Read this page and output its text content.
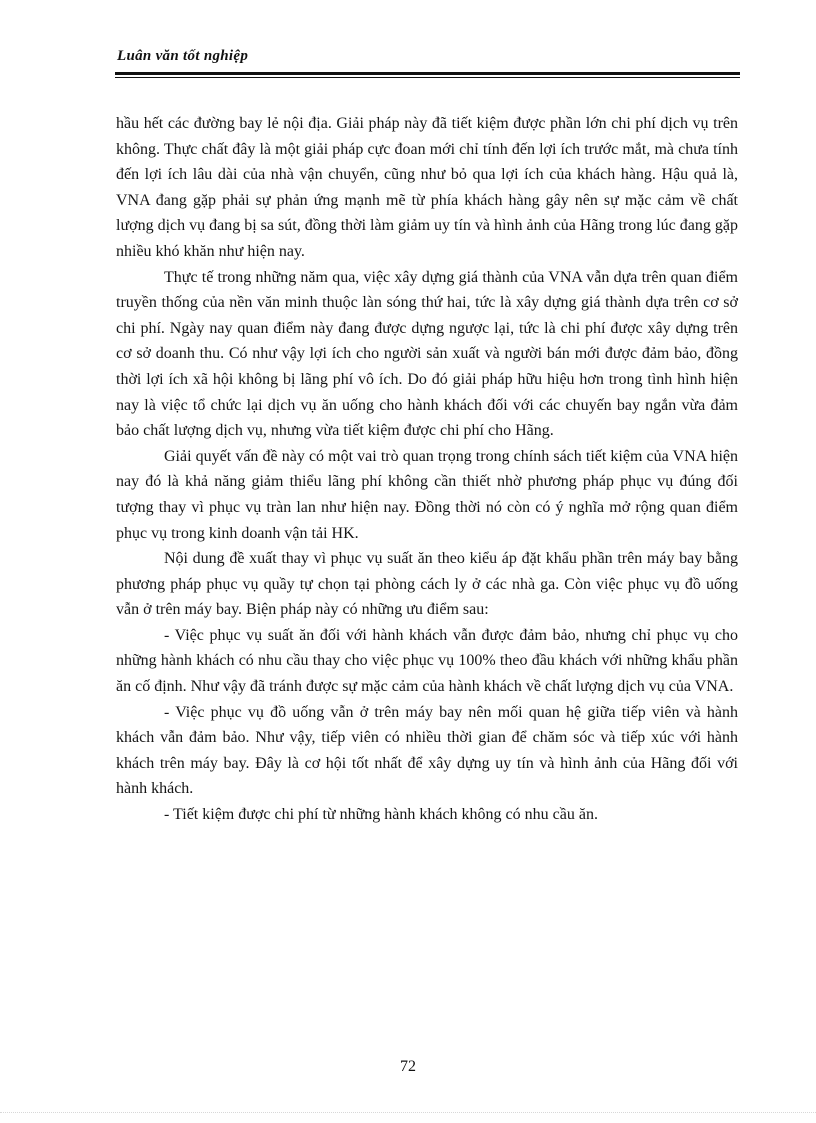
Luân văn tốt nghiệp

hầu hết các đường bay lẻ nội địa. Giải pháp này đã tiết kiệm được phần lớn chi phí dịch vụ trên không. Thực chất đây là một giải pháp cực đoan mới chỉ tính đến lợi ích trước mắt, mà chưa tính đến lợi ích lâu dài của nhà vận chuyển, cũng như bỏ qua lợi ích của khách hàng. Hậu quả là, VNA đang gặp phải sự phản ứng mạnh mẽ từ phía khách hàng gây nên sự mặc cảm về chất lượng dịch vụ đang bị sa sút, đồng thời làm giảm uy tín và hình ảnh của Hãng trong lúc đang gặp nhiều khó khăn như hiện nay.

Thực tế trong những năm qua, việc xây dựng giá thành của VNA vẫn dựa trên quan điểm truyền thống của nền văn minh thuộc làn sóng thứ hai, tức là xây dựng giá thành dựa trên cơ sở chi phí. Ngày nay quan điểm này đang được dựng ngược lại, tức là chi phí được xây dựng trên cơ sở doanh thu. Có như vậy lợi ích cho người sản xuất và người bán mới được đảm bảo, đồng thời lợi ích xã hội không bị lãng phí vô ích. Do đó giải pháp hữu hiệu hơn trong tình hình hiện nay là việc tổ chức lại dịch vụ ăn uống cho hành khách đối với các chuyến bay ngắn vừa đảm bảo chất lượng dịch vụ, nhưng vừa tiết kiệm được chi phí cho Hãng.

Giải quyết vấn đề này có một vai trò quan trọng trong chính sách tiết kiệm của VNA hiện nay đó là khả năng giảm thiểu lãng phí không cần thiết nhờ phương pháp phục vụ đúng đối tượng thay vì phục vụ tràn lan như hiện nay. Đồng thời nó còn có ý nghĩa mở rộng quan điểm phục vụ trong kinh doanh vận tải HK.

Nội dung đề xuất thay vì phục vụ suất ăn theo kiểu áp đặt khẩu phần trên máy bay bằng phương pháp phục vụ quầy tự chọn tại phòng cách ly ở các nhà ga. Còn việc phục vụ đồ uống vẫn ở trên máy bay. Biện pháp này có những ưu điểm sau:

- Việc phục vụ suất ăn đối với hành khách vẫn được đảm bảo, nhưng chỉ phục vụ cho những hành khách có nhu cầu thay cho việc phục vụ 100% theo đầu khách với những khẩu phần ăn cố định. Như vậy đã tránh được sự mặc cảm của hành khách về chất lượng dịch vụ của VNA.

- Việc phục vụ đồ uống vẫn ở trên máy bay nên mối quan hệ giữa tiếp viên và hành khách vẫn đảm bảo. Như vậy, tiếp viên có nhiều thời gian để chăm sóc và tiếp xúc với hành khách trên máy bay. Đây là cơ hội tốt nhất để xây dựng uy tín và hình ảnh của Hãng đối với hành khách.

- Tiết kiệm được chi phí từ những hành khách không có nhu cầu ăn.

72
